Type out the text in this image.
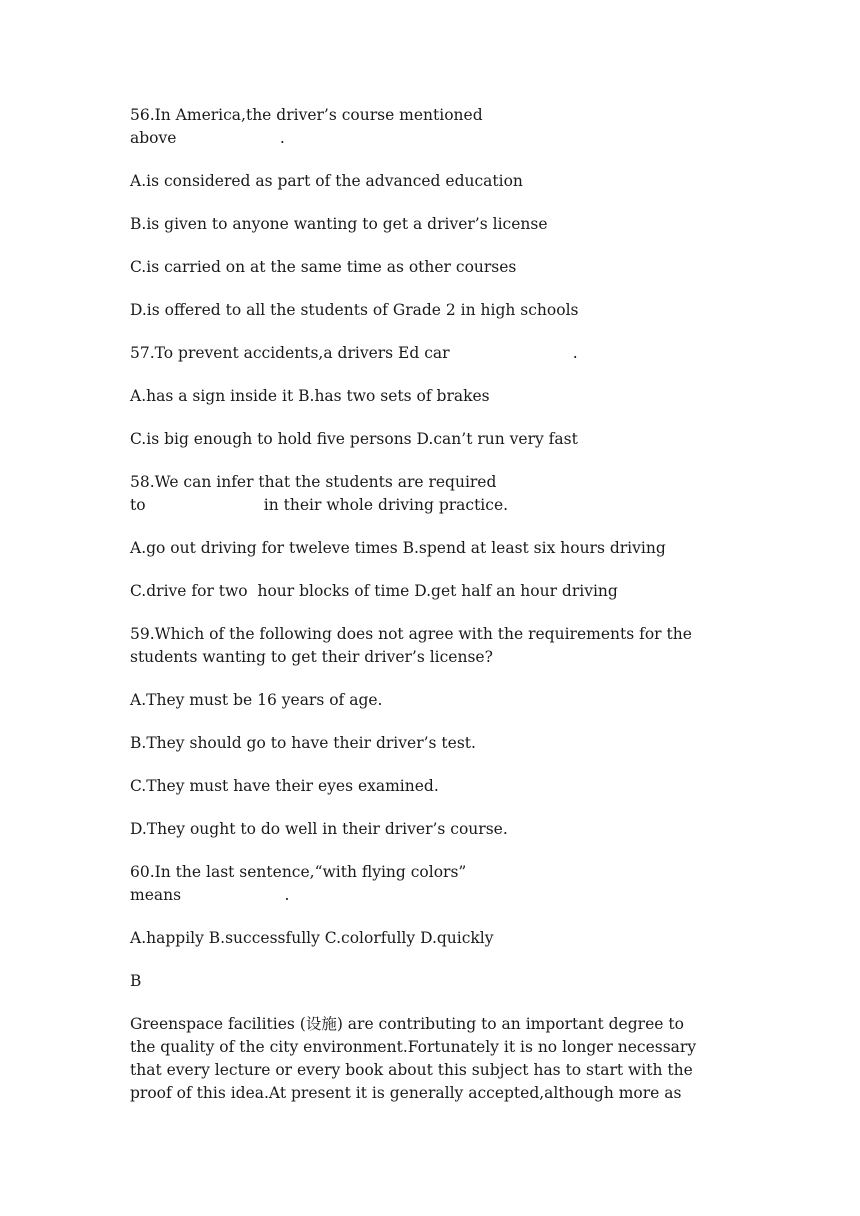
56.In America,the driver’s course mentioned

above                     .

A.is considered as part of the advanced education

B.is given to anyone wanting to get a driver’s license

C.is carried on at the same time as other courses

D.is offered to all the students of Grade 2 in high schools

57.To prevent accidents,a drivers Ed car                         .

A.has a sign inside it B.has two sets of brakes

C.is big enough to hold five persons D.can’t run very fast

58.We can infer that the students are required

to                        in their whole driving practice.

A.go out driving for tweleve times B.spend at least six hours driving

C.drive for two  hour blocks of time D.get half an hour driving

59.Which of the following does not agree with the requirements for the

students wanting to get their driver’s license?

A.They must be 16 years of age.

B.They should go to have their driver’s test.

C.They must have their eyes examined.

D.They ought to do well in their driver’s course.

60.In the last sentence,“with flying colors”

means                     .

A.happily B.successfully C.colorfully D.quickly

B

Greenspace facilities (设施) are contributing to an important degree to

the quality of the city environment.Fortunately it is no longer necessary

that every lecture or every book about this subject has to start with the

proof of this idea.At present it is generally accepted,although more as
